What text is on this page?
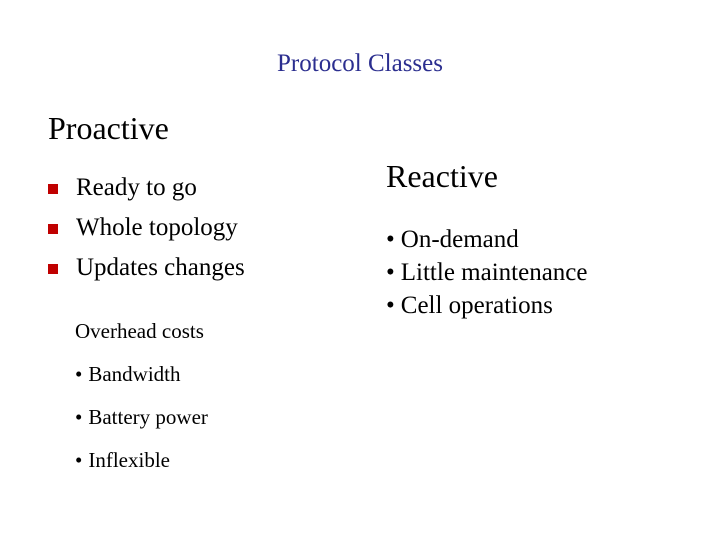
Protocol Classes
Proactive
Ready to go
Whole topology
Updates changes
Overhead costs
• Bandwidth
• Battery power
• Inflexible
Reactive
• On-demand
• Little maintenance
• Cell operations
